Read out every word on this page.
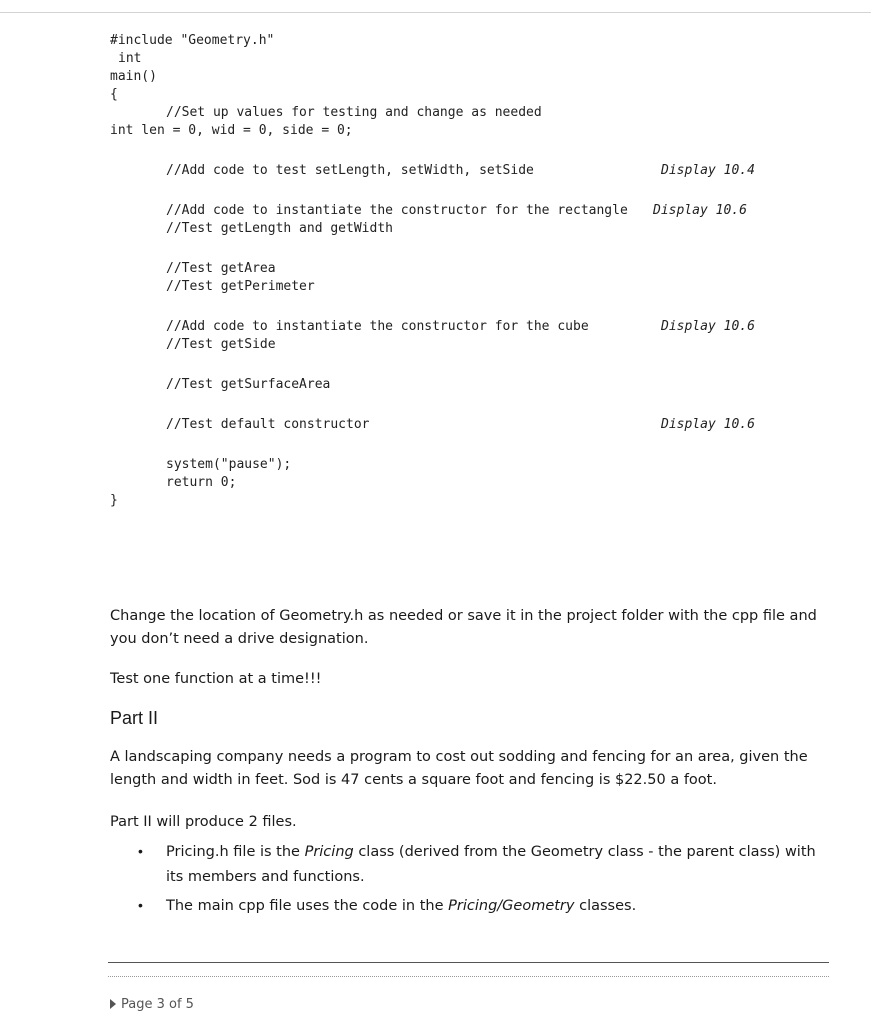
#include "Geometry.h"
int
main()
{
//Set up values for testing and change as needed
int len = 0, wid = 0, side = 0;
//Add code to test setLength, setWidth, setSide	Display 10.4
//Add code to instantiate the constructor for the rectangle Display 10.6
//Test getLength and getWidth
//Test getArea
//Test getPerimeter
//Add code to instantiate the constructor for the cube	Display 10.6
//Test getSide
//Test getSurfaceArea
//Test default constructor	Display 10.6
system("pause");
return 0;
}
Change the location of Geometry.h as needed or save it in the project folder with the cpp file and you don’t need a drive designation.
Test one function at a time!!!
Part II
A landscaping company needs a program to cost out sodding and fencing for an area, given the length and width in feet. Sod is 47 cents a square foot and fencing is $22.50 a foot.
Part II will produce 2 files.
• Pricing.h file is the Pricing class (derived from the Geometry class - the parent class) with its members and functions.
• The main cpp file uses the code in the Pricing/Geometry classes.
Page 3 of 5
